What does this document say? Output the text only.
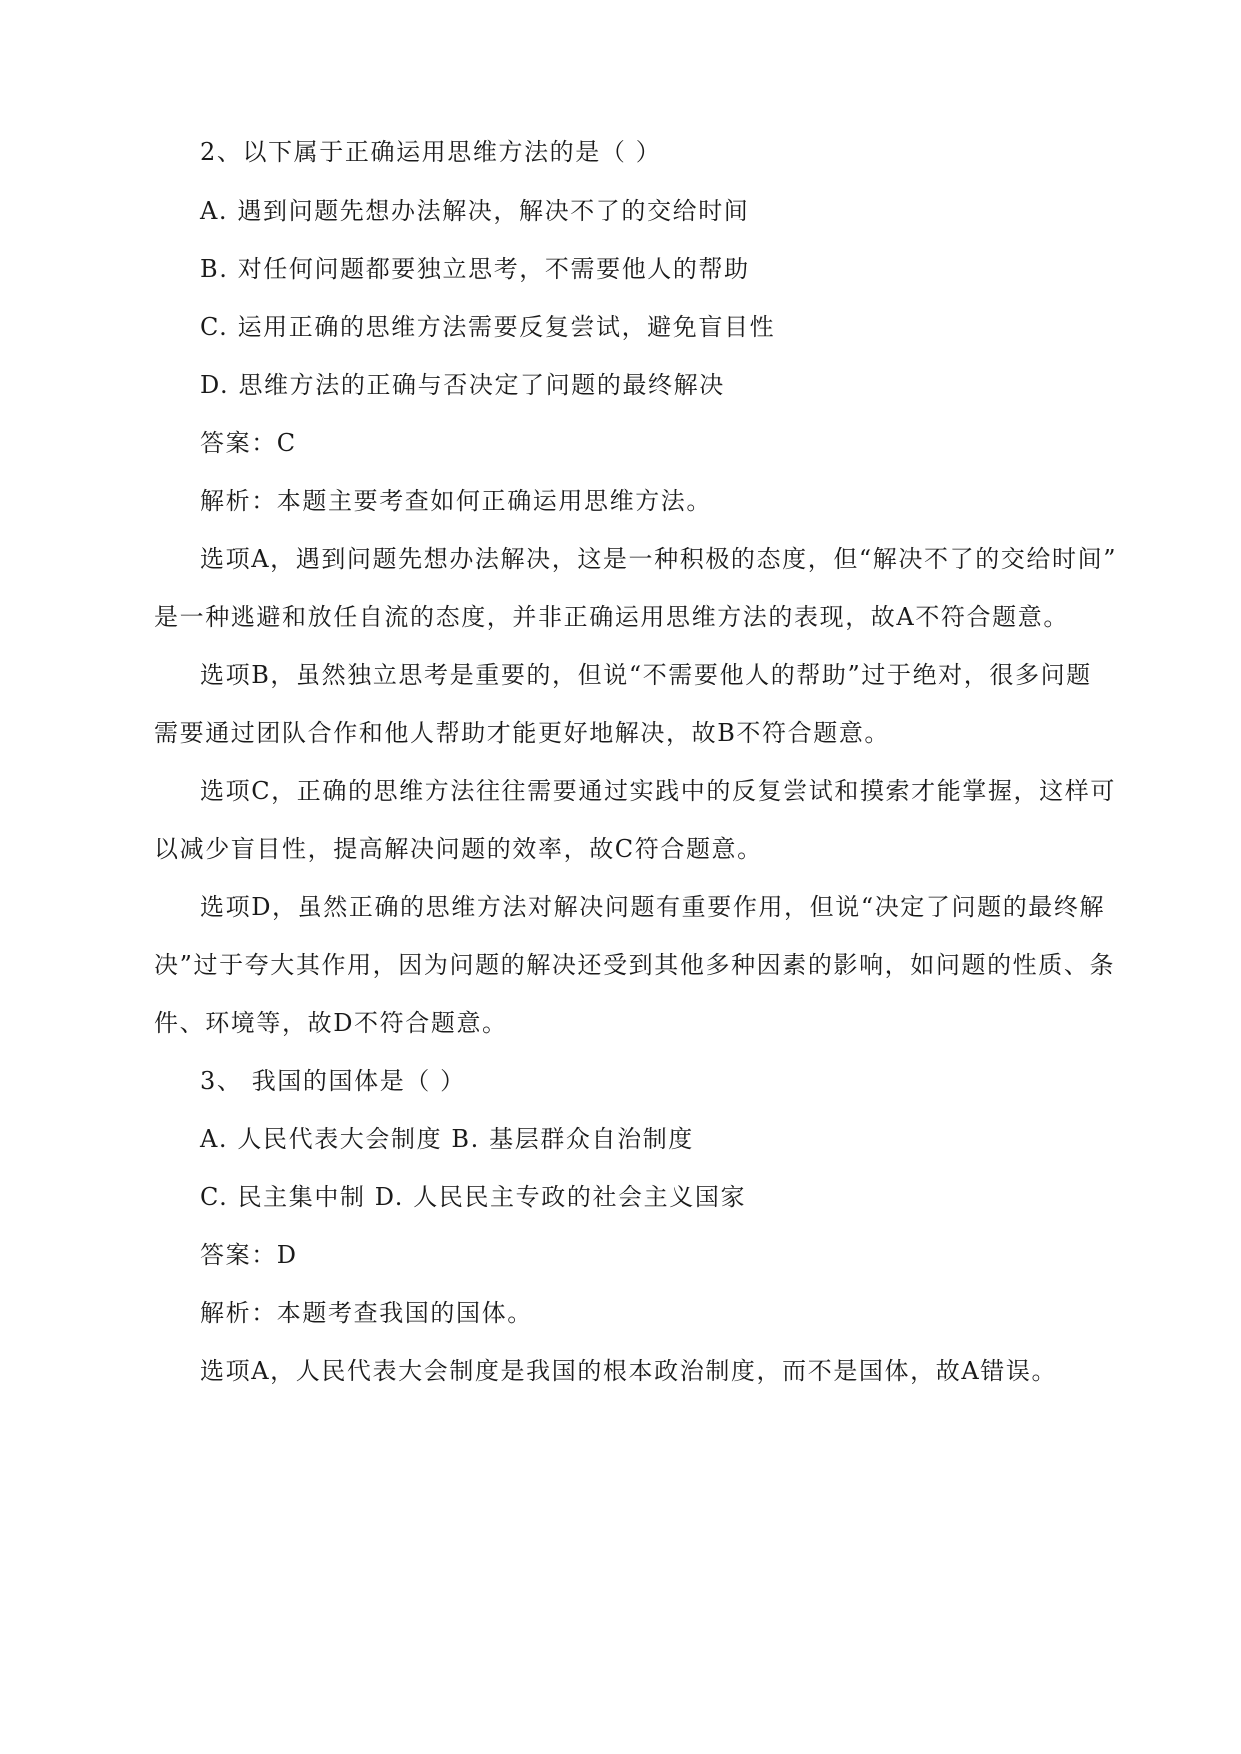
2、以下属于正确运用思维方法的是（ ）
A. 遇到问题先想办法解决，解决不了的交给时间
B. 对任何问题都要独立思考，不需要他人的帮助
C. 运用正确的思维方法需要反复尝试，避免盲目性
D. 思维方法的正确与否决定了问题的最终解决
答案：C
解析：本题主要考查如何正确运用思维方法。
选项A，遇到问题先想办法解决，这是一种积极的态度，但“解决不了的交给时间”
是一种逃避和放任自流的态度，并非正确运用思维方法的表现，故A不符合题意。
选项B，虽然独立思考是重要的，但说“不需要他人的帮助”过于绝对，很多问题
需要通过团队合作和他人帮助才能更好地解决，故B不符合题意。
选项C，正确的思维方法往往需要通过实践中的反复尝试和摸索才能掌握，这样可
以减少盲目性，提高解决问题的效率，故C符合题意。
选项D，虽然正确的思维方法对解决问题有重要作用，但说“决定了问题的最终解
决”过于夸大其作用，因为问题的解决还受到其他多种因素的影响，如问题的性质、条
件、环境等，故D不符合题意。
3、 我国的国体是（ ）
A. 人民代表大会制度 B. 基层群众自治制度
C. 民主集中制 D. 人民民主专政的社会主义国家
答案：D
解析：本题考查我国的国体。
选项A，人民代表大会制度是我国的根本政治制度，而不是国体，故A错误。
